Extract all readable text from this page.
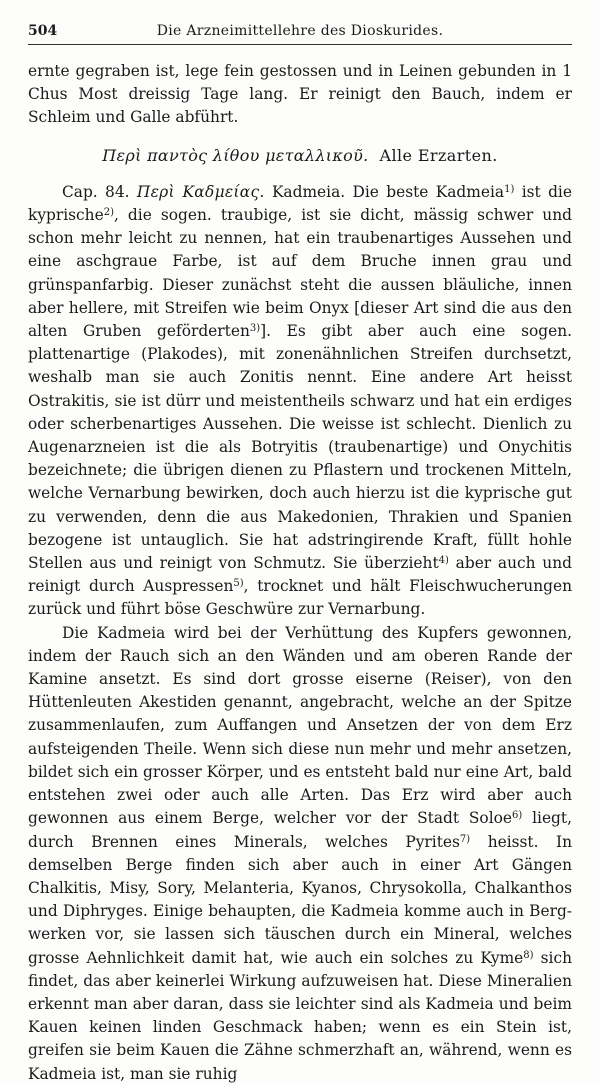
504	Die Arzneimittellehre des Dioskurides.

ernte gegraben ist, lege fein gestossen und in Leinen gebunden in 1 Chus Most dreissig Tage lang. Er reinigt den Bauch, indem er Schleim und Galle abführt.

Περὶ παντὸς λίθου μεταλλικοῦ. Alle Erzarten.

Cap. 84. Περὶ Καδμείας. Kadmeia. Die beste Kadmeia$^{1)}$ ist die kyprische$^{2)}$, die sogen. traubige, ist sie dicht, mässig schwer und schon mehr leicht zu nennen, hat ein traubenartiges Aussehen und eine aschgraue Farbe, ist auf dem Bruche innen grau und grünspanfarbig. Dieser zunächst steht die aussen bläuliche, innen aber hellere, mit Streifen wie beim Onyx [dieser Art sind die aus den alten Gruben geförderten$^{3)}$]. Es gibt aber auch eine sogen. plattenartige (Plakodes), mit zonenähnlichen Streifen durchsetzt, weshalb man sie auch Zonitis nennt. Eine andere Art heisst Ostrakitis, sie ist dürr und meistentheils schwarz und hat ein erdiges oder scherbenartiges Aussehen. Die weisse ist schlecht. Dienlich zu Augenarzneien ist die als Botryitis (traubenartige) und Onychitis bezeichnete; die übrigen dienen zu Pflastern und trockenen Mitteln, welche Vernarbung bewirken, doch auch hierzu ist die kyprische gut zu verwenden, denn die aus Makedonien, Thrakien und Spanien bezogene ist untauglich. Sie hat adstringirende Kraft, füllt hohle Stellen aus und reinigt von Schmutz. Sie überzieht$^{4)}$ aber auch und reinigt durch Auspressen$^{5)}$, trocknet und hält Fleischwucherungen zurück und führt böse Geschwüre zur Vernarbung.

Die Kadmeia wird bei der Verhüttung des Kupfers gewonnen, indem der Rauch sich an den Wänden und am oberen Rande der Kamine ansetzt. Es sind dort grosse eiserne (Reiser), von den Hüttenleuten Akestiden genannt, angebracht, welche an der Spitze zusammenlaufen, zum Auffangen und Ansetzen der von dem Erz aufsteigenden Theile. Wenn sich diese nun mehr und mehr ansetzen, bildet sich ein grosser Körper, und es entsteht bald nur eine Art, bald entstehen zwei oder auch alle Arten. Das Erz wird aber auch gewonnen aus einem Berge, welcher vor der Stadt Soloe$^{6)}$ liegt, durch Brennen eines Minerals, welches Pyrites$^{7)}$ heisst. In demselben Berge finden sich aber auch in einer Art Gängen Chalkitis, Misy, Sory, Melanteria, Kyanos, Chrysokolla, Chalkanthos und Diphryges. Einige behaupten, die Kadmeia komme auch in Bergwerken vor, sie lassen sich täuschen durch ein Mineral, welches grosse Aehnlichkeit damit hat, wie auch ein solches zu Kyme$^{8)}$ sich findet, das aber keinerlei Wirkung aufzuweisen hat. Diese Mineralien erkennt man aber daran, dass sie leichter sind als Kadmeia und beim Kauen keinen linden Geschmack haben; wenn es ein Stein ist, greifen sie beim Kauen die Zähne schmerzhaft an, während, wenn es Kadmeia ist, man sie ruhig
